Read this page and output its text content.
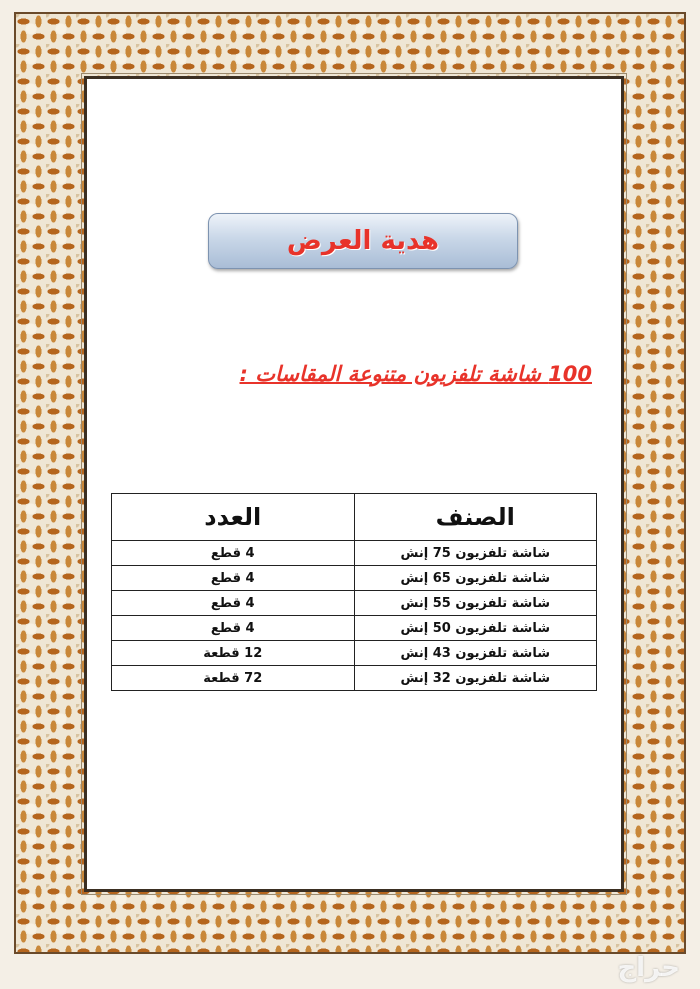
هدية العرض
100 شاشة تلفزيون متنوعة المقاسات :
الصنف	العدد
شاشة تلفزيون 75 إنش	4 قطع
شاشة تلفزيون 65 إنش	4 قطع
شاشة تلفزيون 55 إنش	4 قطع
شاشة تلفزيون 50 إنش	4 قطع
شاشة تلفزيون 43 إنش	12 قطعة
شاشة تلفزيون 32 إنش	72 قطعة
حراج
